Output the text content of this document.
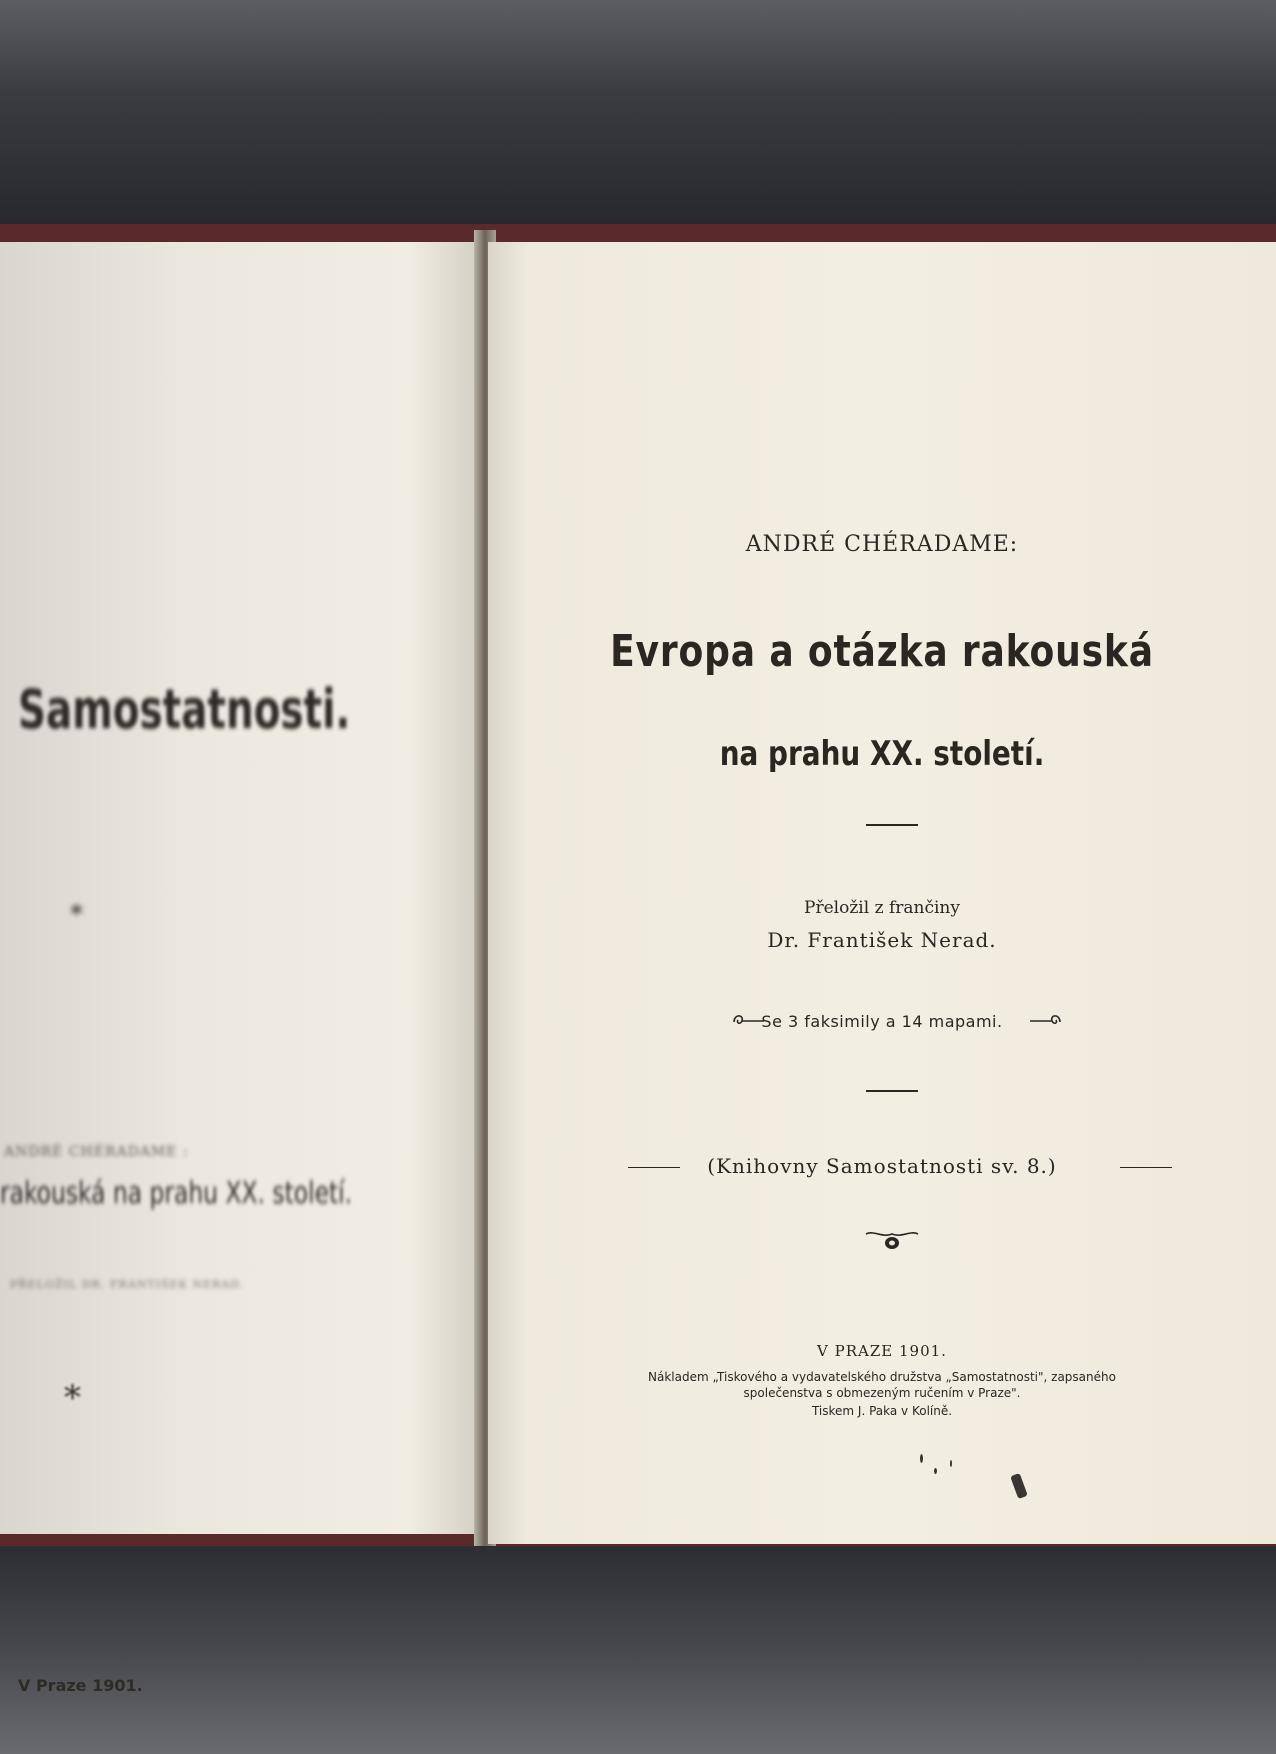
Samostatnosti.
*
ANDRÉ CHÉRADAME :
rakouská na prahu XX. století.
PŘELOŽIL DR. FRANTIŠEK NERAD.
*
V Praze 1901.
ANDRÉ CHÉRADAME:
Evropa a otázka rakouská
na prahu XX. století.
Přeložil z frančiny
Dr. František Nerad.
Se 3 faksimily a 14 mapami.
(Knihovny Samostatnosti sv. 8.)
V PRAZE 1901.
Nákladem „Tiskového a vydavatelského družstva „Samostatnosti", zapsaného
společenstva s obmezeným ručením v Praze".
Tiskem J. Paka v Kolíně.
